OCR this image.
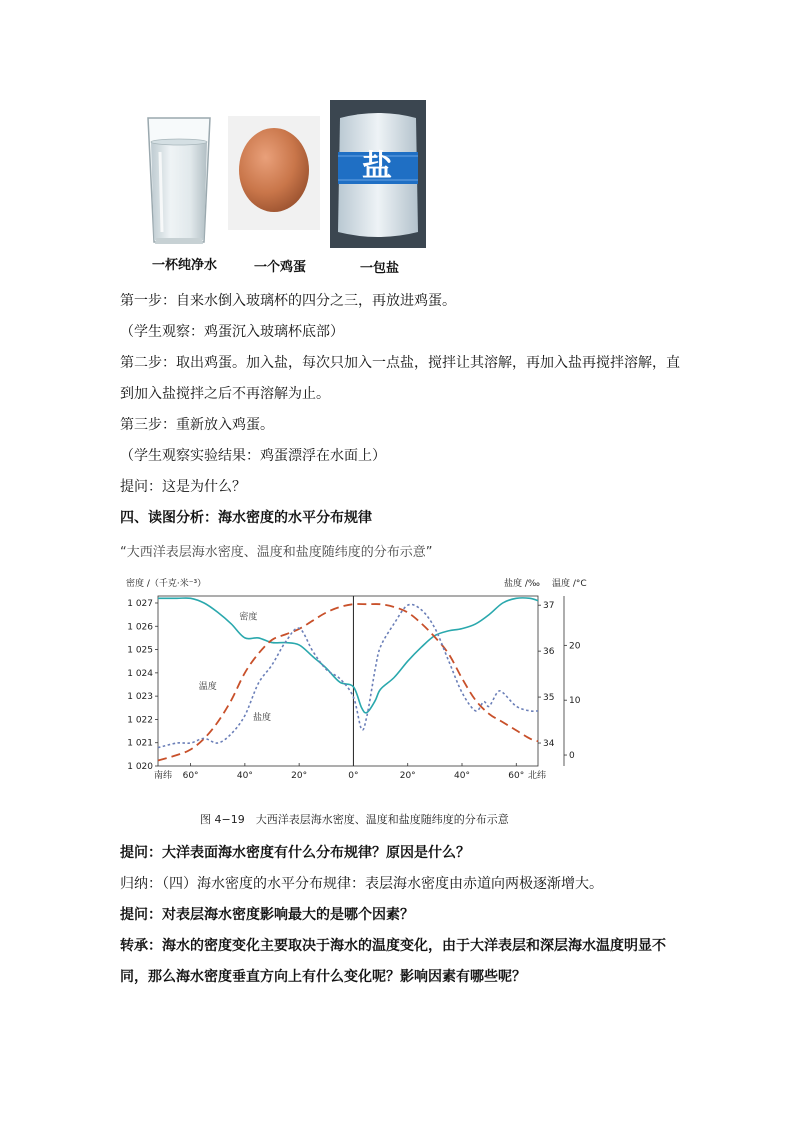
一杯纯净水	一个鸡蛋
盐
一包盐
第一步：自来水倒入玻璃杯的四分之三，再放进鸡蛋。
（学生观察：鸡蛋沉入玻璃杯底部）
第二步：取出鸡蛋。加入盐，每次只加入一点盐，搅拌让其溶解，再加入盐再搅拌溶解，直
到加入盐搅拌之后不再溶解为止。
第三步：重新放入鸡蛋。
（学生观察实验结果：鸡蛋漂浮在水面上）
提问：这是为什么？
四、读图分析：海水密度的水平分布规律
“大西洋表层海水密度、温度和盐度随纬度的分布示意”
1 027
1 026
1 025
1 024
1 023
1 022
1 021
1 020
37
36
35
34
20
10
0
密度 /（千克·米⁻³）	盐度 /‰ 温度 /°C
南纬 60°	40°	20°	0°	20°	40°	60° 北纬
密度
温度
盐度
图 4−19　大西洋表层海水密度、温度和盐度随纬度的分布示意
提问：大洋表面海水密度有什么分布规律？原因是什么？
归纳：（四）海水密度的水平分布规律：表层海水密度由赤道向两极逐渐增大。
提问：对表层海水密度影响最大的是哪个因素？
转承：海水的密度变化主要取决于海水的温度变化，由于大洋表层和深层海水温度明显不
同，那么海水密度垂直方向上有什么变化呢？影响因素有哪些呢？
